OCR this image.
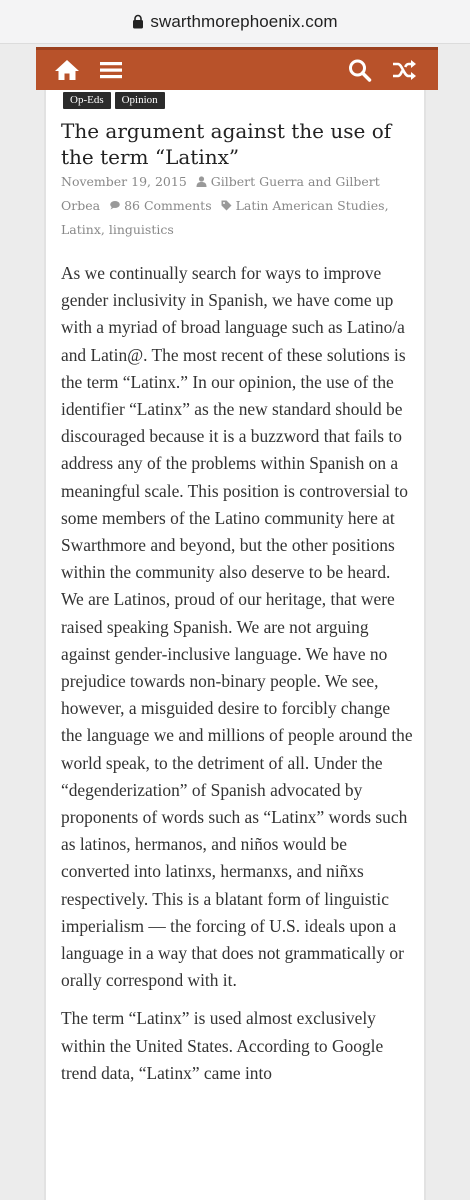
swarthmorephoenix.com
Op-Eds	Opinion
The argument against the use of the term “Latinx”
November 19, 2015 Gilbert Guerra and Gilbert Orbea 86 Comments Latin American Studies, Latinx, linguistics

As we continually search for ways to improve gender inclusivity in Spanish, we have come up with a myriad of broad language such as Latino/a and Latin@. The most recent of these solutions is the term “Latinx.” In our opinion, the use of the identifier “Latinx” as the new standard should be discouraged because it is a buzzword that fails to address any of the problems within Spanish on a meaningful scale. This position is controversial to some members of the Latino community here at Swarthmore and beyond, but the other positions within the community also deserve to be heard. We are Latinos, proud of our heritage, that were raised speaking Spanish. We are not arguing against gender-inclusive language. We have no prejudice towards non-binary people. We see, however, a misguided desire to forcibly change the language we and millions of people around the world speak, to the detriment of all. Under the “degenderization” of Spanish advocated by proponents of words such as “Latinx” words such as latinos, hermanos, and niños would be converted into latinxs, hermanxs, and niñxs respectively. This is a blatant form of linguistic imperialism — the forcing of U.S. ideals upon a language in a way that does not grammatically or orally correspond with it.

The term “Latinx” is used almost exclusively within the United States. According to Google trend data, “Latinx” came into
